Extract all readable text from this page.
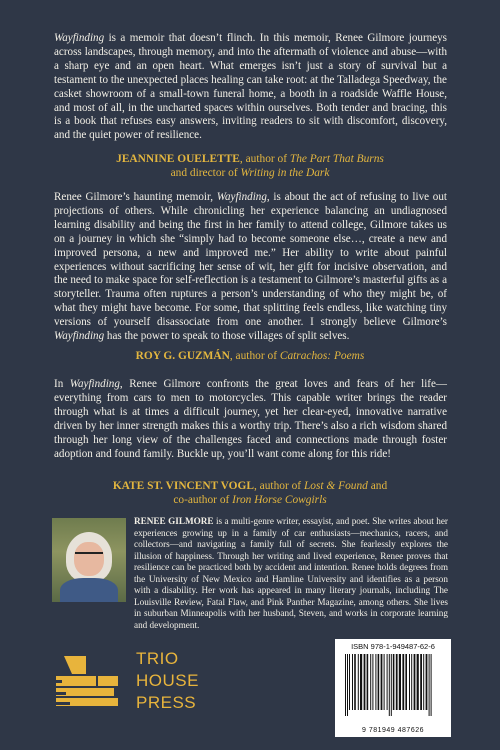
Wayfinding is a memoir that doesn’t flinch. In this memoir, Renee Gilmore journeys across landscapes, through memory, and into the aftermath of violence and abuse—with a sharp eye and an open heart. What emerges isn’t just a story of survival but a testament to the unexpected places healing can take root: at the Talladega Speedway, the casket showroom of a small-town funeral home, a booth in a roadside Waffle House, and most of all, in the uncharted spaces within ourselves. Both tender and bracing, this is a book that refuses easy answers, inviting readers to sit with discomfort, discovery, and the quiet power of resilience.

JEANNINE OUELETTE, author of The Part That Burns and director of Writing in the Dark

Renee Gilmore’s haunting memoir, Wayfinding, is about the act of refusing to live out projections of others. While chronicling her experience balancing an undiagnosed learning disability and being the first in her family to attend college, Gilmore takes us on a journey in which she “simply had to become someone else…, create a new and improved persona, a new and improved me.” Her ability to write about painful experiences without sacrificing her sense of wit, her gift for incisive observation, and the need to make space for self-reflection is a testament to Gilmore’s masterful gifts as a storyteller. Trauma often ruptures a person’s understanding of who they might be, of what they might have become. For some, that splitting feels endless, like watching tiny versions of yourself disassociate from one another. I strongly believe Gilmore’s Wayfinding has the power to speak to those villages of split selves.

ROY G. GUZMÁN, author of Catrachos: Poems

In Wayfinding, Renee Gilmore confronts the great loves and fears of her life—everything from cars to men to motorcycles. This capable writer brings the reader through what is at times a difficult journey, yet her clear-eyed, innovative narrative driven by her inner strength makes this a worthy trip. There’s also a rich wisdom shared through her long view of the challenges faced and connections made through foster adoption and found family. Buckle up, you’ll want come along for this ride!

KATE ST. VINCENT VOGL, author of Lost & Found and co-author of Iron Horse Cowgirls

RENEE GILMORE is a multi-genre writer, essayist, and poet. She writes about her experiences growing up in a family of car enthusiasts—mechanics, racers, and collectors—and navigating a family full of secrets. She fearlessly explores the illusion of happiness. Through her writing and lived experience, Renee proves that resilience can be practiced both by accident and intention. Renee holds degrees from the University of New Mexico and Hamline University and identifies as a person with a disability. Her work has appeared in many literary journals, including The Louisville Review, Fatal Flaw, and Pink Panther Magazine, among others. She lives in suburban Minneapolis with her husband, Steven, and works in corporate learning and development.

TRIO
HOUSE
PRESS
ISBN 978-1-949487-62-6
9 781949 487626
